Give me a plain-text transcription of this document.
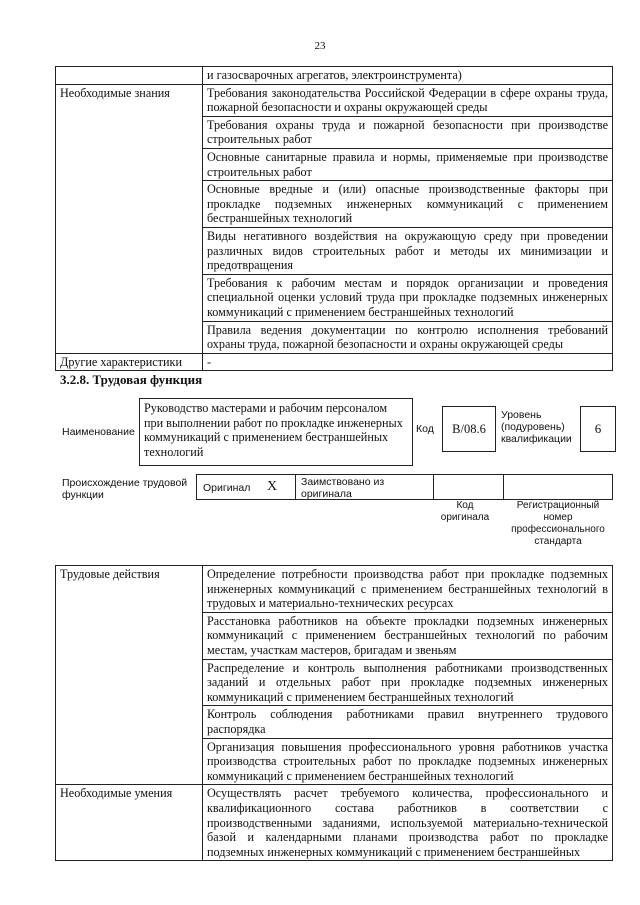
23
	и газосварочных агрегатов, электроинструмента)
Необходимые знания	Требования законодательства Российской Федерации в сфере охраны труда, пожарной безопасности и охраны окружающей среды
	Требования охраны труда и пожарной безопасности при производстве строительных работ
	Основные санитарные правила и нормы, применяемые при производстве строительных работ
	Основные вредные и (или) опасные производственные факторы при прокладке подземных инженерных коммуникаций с применением бестраншейных технологий
	Виды негативного воздействия на окружающую среду при проведении различных видов строительных работ и методы их минимизации и предотвращения
	Требования к рабочим местам и порядок организации и проведения специальной оценки условий труда при прокладке подземных инженерных коммуникаций с применением бестраншейных технологий
	Правила ведения документации по контролю исполнения требований охраны труда, пожарной безопасности и охраны окружающей среды
Другие характеристики	-
3.2.8. Трудовая функция
Наименование
Руководство мастерами и рабочим персоналом при выполнении работ по прокладке инженерных коммуникаций с применением бестраншейных технологий
Код	B/08.6
Уровень (подуровень) квалификации
6
Происхождение трудовой функции
Оригинал X Заимствовано из оригинала
Код оригинала
Регистрационный номер профессионального стандарта
Трудовые действия	Определение потребности производства работ при прокладке подземных инженерных коммуникаций с применением бестраншейных технологий в трудовых и материально-технических ресурсах
	Расстановка работников на объекте прокладки подземных инженерных коммуникаций с применением бестраншейных технологий по рабочим местам, участкам мастеров, бригадам и звеньям
	Распределение и контроль выполнения работниками производственных заданий и отдельных работ при прокладке подземных инженерных коммуникаций с применением бестраншейных технологий
	Контроль соблюдения работниками правил внутреннего трудового распорядка
	Организация повышения профессионального уровня работников участка производства строительных работ по прокладке подземных инженерных коммуникаций с применением бестраншейных технологий
Необходимые умения	Осуществлять расчет требуемого количества, профессионального и квалификационного состава работников в соответствии с производственными заданиями, используемой материально-технической базой и календарными планами производства работ по прокладке подземных инженерных коммуникаций с применением бестраншейных
